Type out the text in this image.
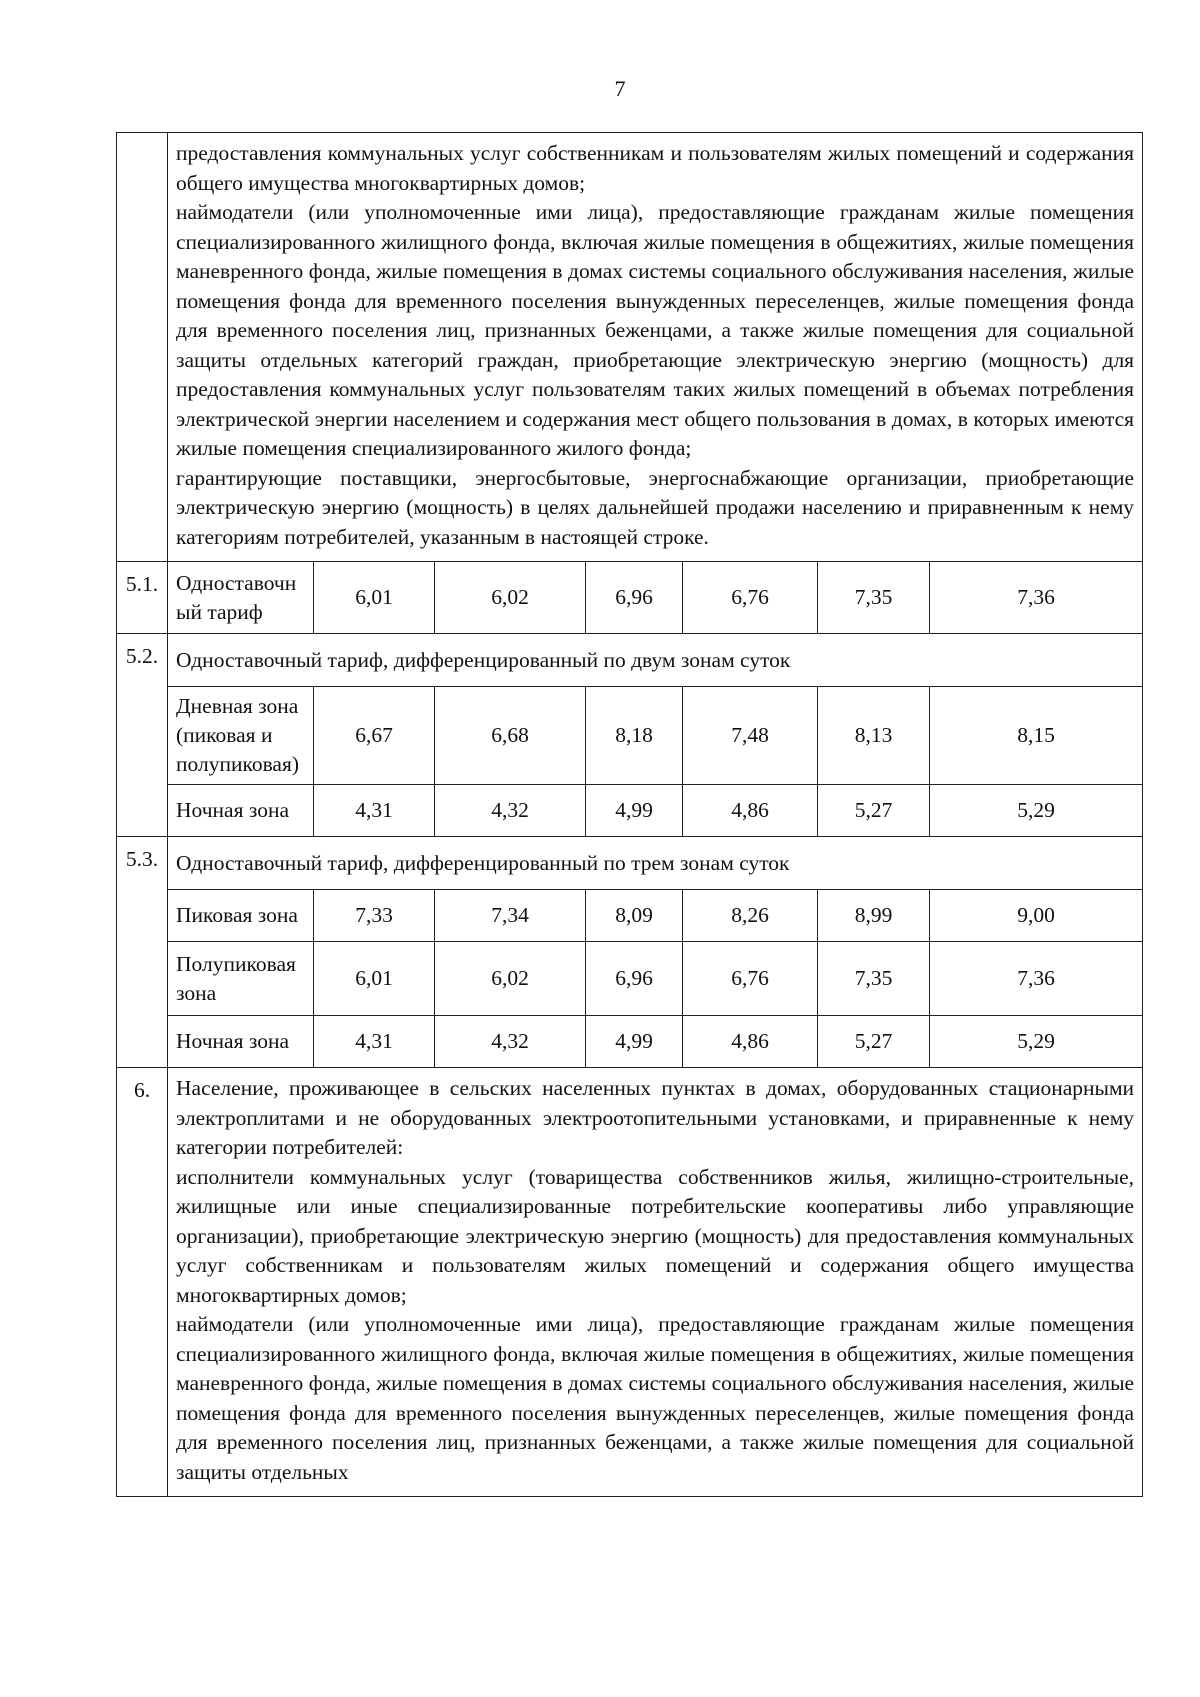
7

	предоставления коммунальных услуг собственникам и пользователям жилых помещений и содержания общего имущества многоквартирных домов;

наймодатели (или уполномоченные ими лица), предоставляющие гражданам жилые помещения специализированного жилищного фонда, включая жилые помещения в общежитиях, жилые помещения маневренного фонда, жилые помещения в домах системы социального обслуживания населения, жилые помещения фонда для временного поселения вынужденных переселенцев, жилые помещения фонда для временного поселения лиц, признанных беженцами, а также жилые помещения для социальной защиты отдельных категорий граждан, приобретающие электрическую энергию (мощность) для предоставления коммунальных услуг пользователям таких жилых помещений в объемах потребления электрической энергии населением и содержания мест общего пользования в домах, в которых имеются жилые помещения специализированного жилого фонда;

гарантирующие поставщики, энергосбытовые, энергоснабжающие организации, приобретающие электрическую энергию (мощность) в целях дальнейшей продажи населению и приравненным к нему категориям потребителей, указанным в настоящей строке.						

5.1.	Одноставочный тариф	6,01	6,02	6,96	6,76	7,35	7,36
5.2.	Одноставочный тариф, дифференцированный по двум зонам суток						
	Дневная зона (пиковая и полупиковая)	6,67	6,68	8,18	7,48	8,13	8,15
	Ночная зона	4,31	4,32	4,99	4,86	5,27	5,29
5.3.	Одноставочный тариф, дифференцированный по трем зонам суток						
	Пиковая зона	7,33	7,34	8,09	8,26	8,99	9,00
	Полупиковая зона	6,01	6,02	6,96	6,76	7,35	7,36
	Ночная зона	4,31	4,32	4,99	4,86	5,27	5,29
6.	Население, проживающее в сельских населенных пунктах в домах, оборудованных стационарными электроплитами и не оборудованных электроотопительными установками, и приравненные к нему категории потребителей:

исполнители коммунальных услуг (товарищества собственников жилья, жилищно-строительные, жилищные или иные специализированные потребительские кооперативы либо управляющие организации), приобретающие электрическую энергию (мощность) для предоставления коммунальных услуг собственникам и пользователям жилых помещений и содержания общего имущества многоквартирных домов;

наймодатели (или уполномоченные ими лица), предоставляющие гражданам жилые помещения специализированного жилищного фонда, включая жилые помещения в общежитиях, жилые помещения маневренного фонда, жилые помещения в домах системы социального обслуживания населения, жилые помещения фонда для временного поселения вынужденных переселенцев, жилые помещения фонда для временного поселения лиц, признанных беженцами, а также жилые помещения для социальной защиты отдельных						
